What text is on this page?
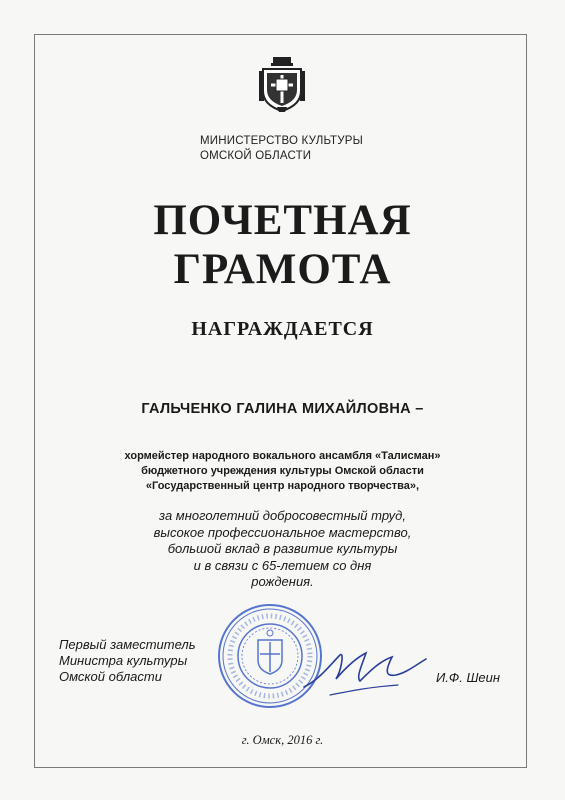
МИНИСТЕРСТВО КУЛЬТУРЫ
ОМСКОЙ ОБЛАСТИ
ПОЧЕТНАЯ
ГРАМОТА
НАГРАЖДАЕТСЯ
ГАЛЬЧЕНКО ГАЛИНА МИХАЙЛОВНА –
хормейстер народного вокального ансамбля «Талисман»
бюджетного учреждения культуры Омской области
«Государственный центр народного творчества»,
за многолетний добросовестный труд,
высокое профессиональное мастерство,
большой вклад в развитие культуры
и в связи с 65-летием со дня
рождения.
Первый заместитель
Министра культуры
Омской области	И.Ф. Шеин
г. Омск, 2016 г.
